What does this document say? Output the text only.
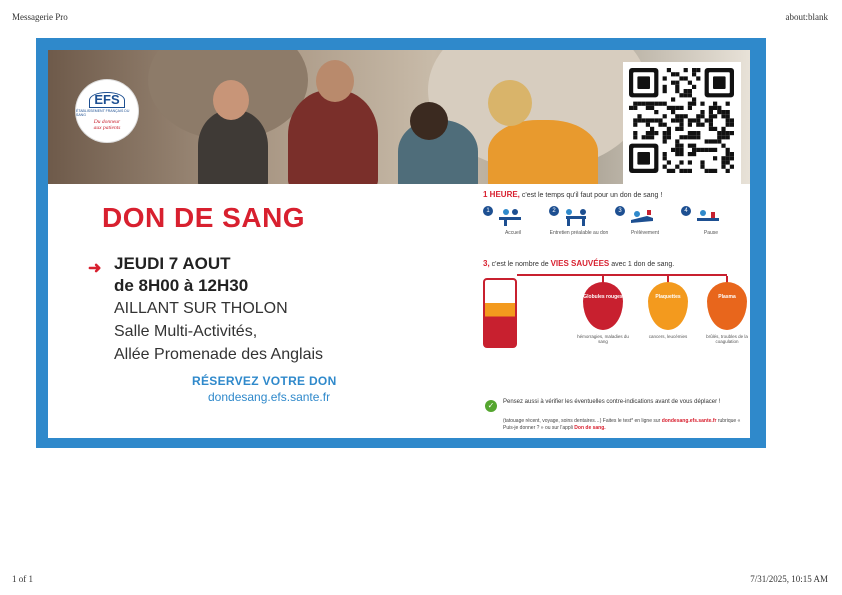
Messagerie Pro	about:blank
EFS
ÉTABLISSEMENT FRANÇAIS DU SANG
Du donneur
aux patients
DON DE SANG
➜ JEUDI 7 AOUT
de 8H00 à 12H30
AILLANT SUR THOLON
Salle Multi-Activités,
Allée Promenade des Anglais
RÉSERVEZ VOTRE DON
dondesang.efs.sante.fr
1 HEURE, c'est le temps qu'il faut pour un don de sang !
1
Accueil
2
Entretien préalable au don
3
Prélèvement
4
Pause
3, c'est le nombre de VIES SAUVÉES avec 1 don de sang.
Globules rouges	Plaquettes	Plasma
hémorragies, maladies du sang
cancers, leucémies	brûlés, troubles de la coagulation
✓	Pensez aussi à vérifier les éventuelles contre-indications avant de vous déplacer !
(tatouage récent, voyage, soins dentaires…) Faites le test* en ligne sur dondesang.efs.sante.fr rubrique « Puis-je donner ? » ou sur l'appli Don de sang.
1 of 1	7/31/2025, 10:15 AM
